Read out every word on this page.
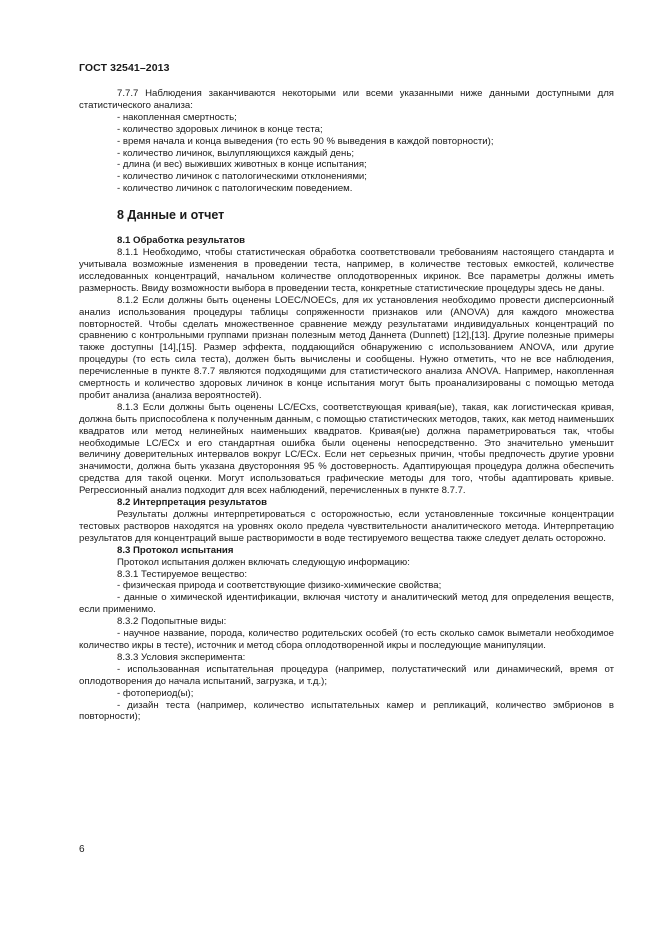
ГОСТ 32541–2013

7.7.7 Наблюдения заканчиваются некоторыми или всеми указанными ниже данными доступными для статистического анализа:

- накопленная смертность;

- количество здоровых личинок в конце теста;

- время начала и конца выведения (то есть 90 % выведения в каждой повторности);

- количество личинок, вылупляющихся каждый день;

- длина (и вес) выживших животных в конце испытания;

- количество личинок с патологическими отклонениями;

- количество личинок с патологическим поведением.

8 Данные и отчет

8.1 Обработка результатов

8.1.1 Необходимо, чтобы статистическая обработка соответствовали требованиям настоящего стандарта и учитывала возможные изменения в проведении теста, например, в количестве тестовых емкостей, количестве исследованных концентраций, начальном количестве оплодотворенных икринок. Все параметры должны иметь размерность. Ввиду возможности выбора в проведении теста, конкретные статистические процедуры здесь не даны.

8.1.2 Если должны быть оценены LOEC/NOECs, для их установления необходимо провести дисперсионный анализ использования процедуры таблицы сопряженности признаков или (ANOVA) для каждого множества повторностей. Чтобы сделать множественное сравнение между результатами индивидуальных концентраций по сравнению с контрольными группами признан полезным метод Даннета (Dunnett) [12],[13]. Другие полезные примеры также доступны [14],[15]. Размер эффекта, поддающийся обнаружению с использованием ANOVA, или другие процедуры (то есть сила теста), должен быть вычислены и сообщены. Нужно отметить, что не все наблюдения, перечисленные в пункте 8.7.7 являются подходящими для статистического анализа ANOVA. Например, накопленная смертность и количество здоровых личинок в конце испытания могут быть проанализированы с помощью метода пробит анализа (анализа вероятностей).

8.1.3 Если должны быть оценены LC/ECxs, соответствующая кривая(ые), такая, как логистическая кривая, должна быть приспособлена к полученным данным, с помощью статистических методов, таких, как метод наименьших квадратов или метод нелинейных наименьших квадратов. Кривая(ые) должна параметрироваться так, чтобы необходимые LC/ECx и его стандартная ошибка были оценены непосредственно. Это значительно уменьшит величину доверительных интервалов вокруг LC/ECx. Если нет серьезных причин, чтобы предпочесть другие уровни значимости, должна быть указана двусторонняя 95 % достоверность. Адаптирующая процедура должна обеспечить средства для такой оценки. Могут использоваться графические методы для того, чтобы адаптировать кривые. Регрессионный анализ подходит для всех наблюдений, перечисленных в пункте 8.7.7.

8.2 Интерпретация результатов

Результаты должны интерпретироваться с осторожностью, если установленные токсичные концентрации тестовых растворов находятся на уровнях около предела чувствительности аналитического метода. Интерпретацию результатов для концентраций выше растворимости в воде тестируемого вещества также следует делать осторожно.

8.3 Протокол испытания

Протокол испытания должен включать следующую информацию:

8.3.1 Тестируемое вещество:

- физическая природа и соответствующие физико-химические свойства;

- данные о химической идентификации, включая чистоту и аналитический метод для определения веществ, если применимо.

8.3.2 Подопытные виды:

- научное название, порода, количество родительских особей (то есть сколько самок выметали необходимое количество икры в тесте), источник и метод сбора оплодотворенной икры и последующие манипуляции.

8.3.3 Условия эксперимента:

- использованная испытательная процедура (например, полустатический или динамический, время от оплодотворения до начала испытаний, загрузка, и т.д.);

- фотопериод(ы);

- дизайн теста (например, количество испытательных камер и репликаций, количество эмбрионов в повторности);

6
